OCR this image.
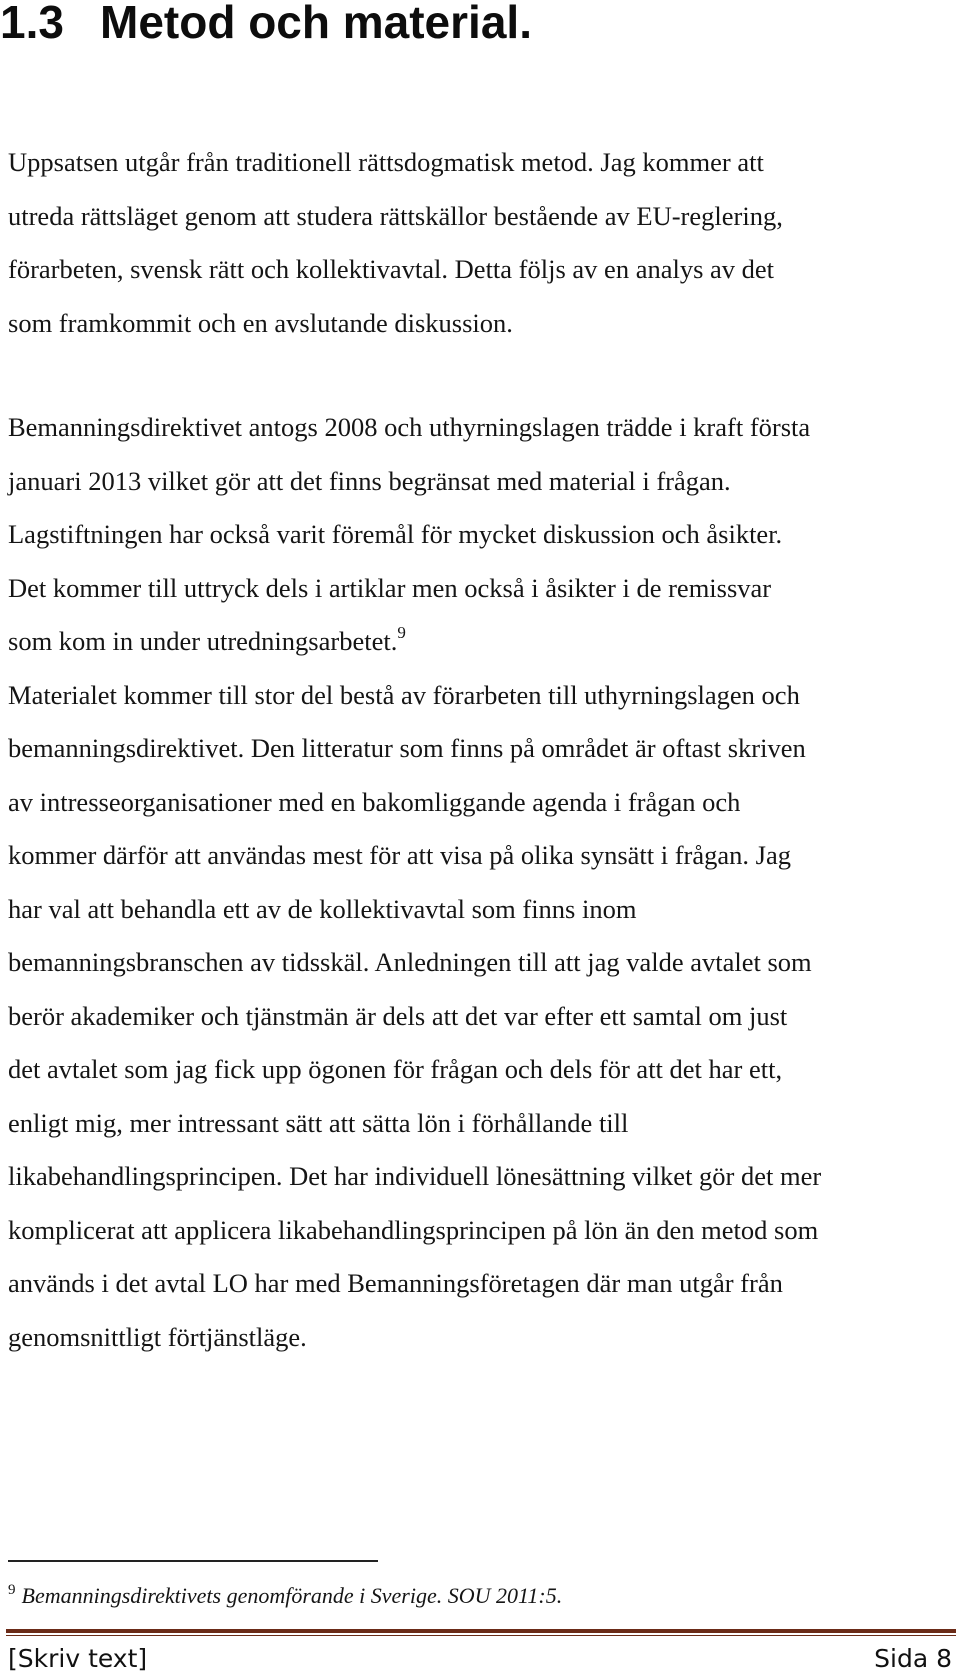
1.3 Metod och material.
Uppsatsen utgår från traditionell rättsdogmatisk metod. Jag kommer att
utreda rättsläget genom att studera rättskällor bestående av EU-reglering,
förarbeten, svensk rätt och kollektivavtal. Detta följs av en analys av det
som framkommit och en avslutande diskussion.
Bemanningsdirektivet antogs 2008 och uthyrningslagen trädde i kraft första
januari 2013 vilket gör att det finns begränsat med material i frågan.
Lagstiftningen har också varit föremål för mycket diskussion och åsikter.
Det kommer till uttryck dels i artiklar men också i åsikter i de remissvar
som kom in under utredningsarbetet.$^9$
Materialet kommer till stor del bestå av förarbeten till uthyrningslagen och
bemanningsdirektivet. Den litteratur som finns på området är oftast skriven
av intresseorganisationer med en bakomliggande agenda i frågan och
kommer därför att användas mest för att visa på olika synsätt i frågan. Jag
har val att behandla ett av de kollektivavtal som finns inom
bemanningsbranschen av tidsskäl. Anledningen till att jag valde avtalet som
berör akademiker och tjänstmän är dels att det var efter ett samtal om just
det avtalet som jag fick upp ögonen för frågan och dels för att det har ett,
enligt mig, mer intressant sätt att sätta lön i förhållande till
likabehandlingsprincipen. Det har individuell lönesättning vilket gör det mer
komplicerat att applicera likabehandlingsprincipen på lön än den metod som
används i det avtal LO har med Bemanningsföretagen där man utgår från
genomsnittligt förtjänstläge.
$^9$ Bemanningsdirektivets genomförande i Sverige. SOU 2011:5.
[Skriv text]	Sida 8
